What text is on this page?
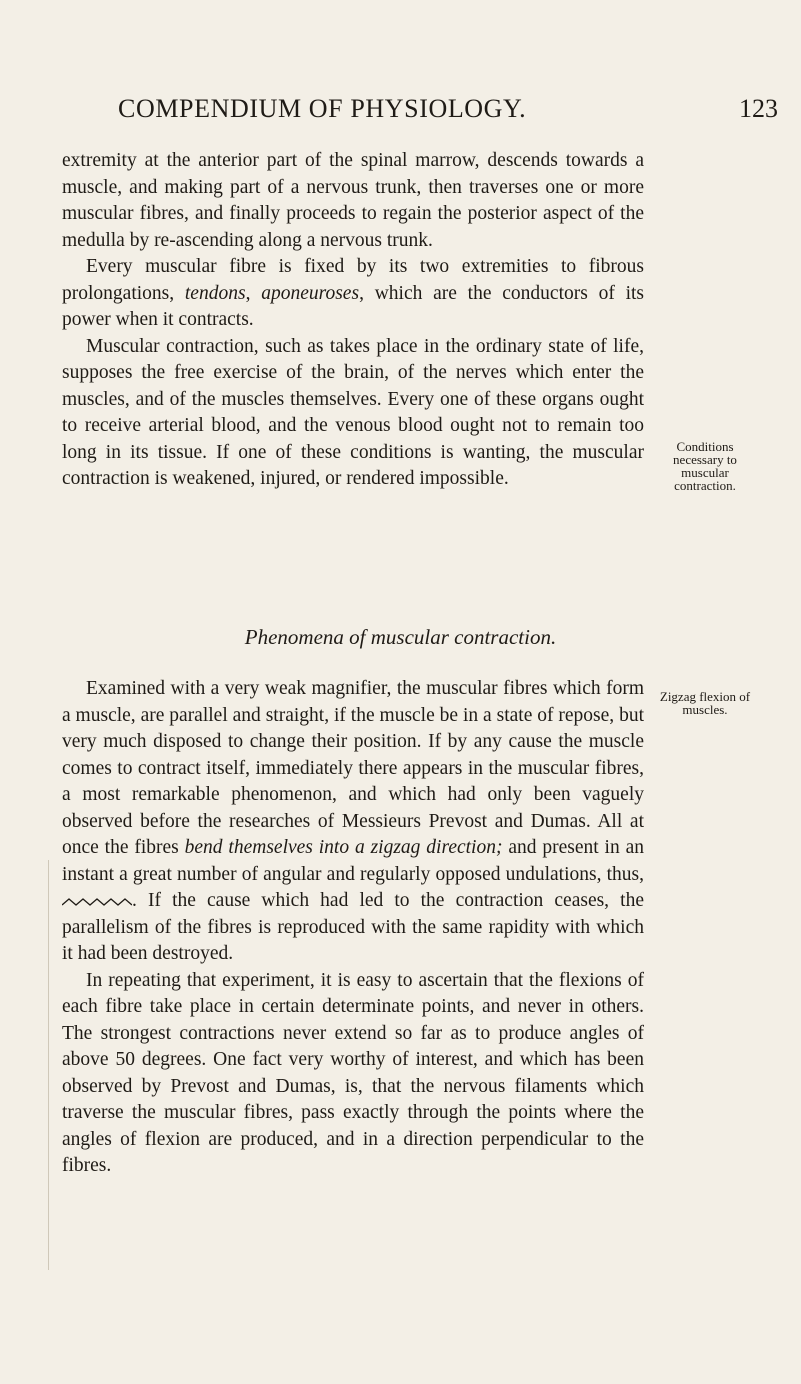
COMPENDIUM OF PHYSIOLOGY.	123

extremity at the anterior part of the spinal marrow, descends towards a muscle, and making part of a nervous trunk, then traverses one or more muscular fibres, and finally proceeds to regain the posterior aspect of the medulla by re-ascending along a nervous trunk.

Every muscular fibre is fixed by its two extremities to fibrous prolongations, tendons, aponeuroses, which are the conductors of its power when it contracts.

Muscular contraction, such as takes place in the ordinary state of life, supposes the free exercise of the brain, of the nerves which enter the muscles, and of the muscles themselves. Every one of these organs ought to receive arterial blood, and the venous blood ought not to remain too long in its tissue. If one of these conditions is wanting, the muscular contraction is weakened, injured, or rendered impossible.

Conditions necessary to muscular contraction.
Phenomena of muscular contraction.

Examined with a very weak magnifier, the muscular fibres which form a muscle, are parallel and straight, if the muscle be in a state of repose, but very much disposed to change their position. If by any cause the muscle comes to contract itself, immediately there appears in the muscular fibres, a most remarkable phenomenon, and which had only been vaguely observed before the researches of Messieurs Prevost and Dumas. All at once the fibres bend themselves into a zigzag direction; and present in an instant a great number of angular and regularly opposed undulations, thus, . If the cause which had led to the contraction ceases, the parallelism of the fibres is reproduced with the same rapidity with which it had been destroyed.

In repeating that experiment, it is easy to ascertain that the flexions of each fibre take place in certain determinate points, and never in others. The strongest contractions never extend so far as to produce angles of above 50 degrees. One fact very worthy of interest, and which has been observed by Prevost and Dumas, is, that the nervous filaments which traverse the muscular fibres, pass exactly through the points where the angles of flexion are produced, and in a direction perpendicular to the fibres.

Zigzag flexion of muscles.
